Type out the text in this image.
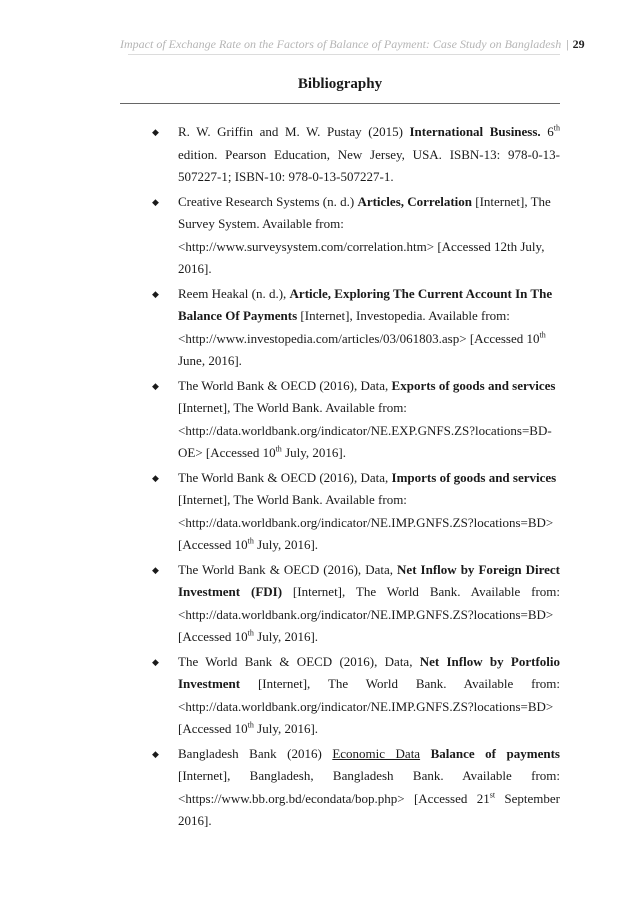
Impact of Exchange Rate on the Factors of Balance of Payment: Case Study on Bangladesh | 29
Bibliography
◆ R. W. Griffin and M. W. Pustay (2015) International Business. 6th
edition. Pearson Education, New Jersey, USA. ISBN-13: 978-0-13-
507227-1; ISBN-10: 978-0-13-507227-1.
◆ Creative Research Systems (n. d.) Articles, Correlation [Internet], The
Survey System. Available from:
<http://www.surveysystem.com/correlation.htm> [Accessed 12th July,
2016].
◆ Reem Heakal (n. d.), Article, Exploring The Current Account In The
Balance Of Payments [Internet], Investopedia. Available from:
<http://www.investopedia.com/articles/03/061803.asp> [Accessed 10th
June, 2016].
◆ The World Bank & OECD (2016), Data, Exports of goods and services
[Internet], The World Bank. Available from:
<http://data.worldbank.org/indicator/NE.EXP.GNFS.ZS?locations=BD-
OE> [Accessed 10th July, 2016].
◆ The World Bank & OECD (2016), Data, Imports of goods and services
[Internet], The World Bank. Available from:
<http://data.worldbank.org/indicator/NE.IMP.GNFS.ZS?locations=BD>
[Accessed 10th July, 2016].
◆ The World Bank & OECD (2016), Data, Net Inflow by Foreign Direct
Investment (FDI) [Internet], The World Bank. Available from:
<http://data.worldbank.org/indicator/NE.IMP.GNFS.ZS?locations=BD>
[Accessed 10th July, 2016].
◆ The World Bank & OECD (2016), Data, Net Inflow by Portfolio
Investment [Internet], The World Bank. Available from:
<http://data.worldbank.org/indicator/NE.IMP.GNFS.ZS?locations=BD>
[Accessed 10th July, 2016].
◆ Bangladesh Bank (2016) Economic Data Balance of payments
[Internet], Bangladesh, Bangladesh Bank. Available from:
<https://www.bb.org.bd/econdata/bop.php> [Accessed 21st September
2016].
